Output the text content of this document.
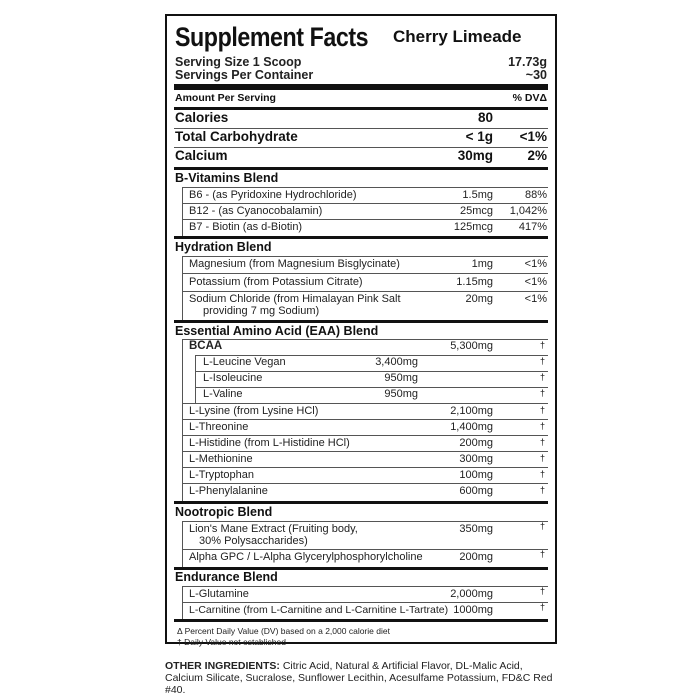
Supplement Facts Cherry Limeade
Serving Size 1 Scoop	17.73g
Servings Per Container	~30
Amount Per Serving	% DVΔ
Calories	80
Total Carbohydrate	< 1g <1%
Calcium	30mg	2%
B-Vitamins Blend
B6 - (as Pyridoxine Hydrochloride)	1.5mg	88%
B12 - (as Cyanocobalamin)	25mcg 1,042%
B7 - Biotin (as d-Biotin)	125mcg 417%
Hydration Blend
Magnesium (from Magnesium Bisglycinate)	1mg	<1%
Potassium (from Potassium Citrate)	1.15mg	<1%
Sodium Chloride (from Himalayan Pink Salt
providing 7 mg Sodium)
20mg	<1%
Essential Amino Acid (EAA) Blend
BCAA	5,300mg	†
L-Leucine Vegan	3,400mg	†
L-Isoleucine	950mg	†
L-Valine	950mg	†
L-Lysine (from Lysine HCl)	2,100mg	†
L-Threonine	1,400mg	†
L-Histidine (from L-Histidine HCl)	200mg	†
L-Methionine	300mg	†
L-Tryptophan	100mg	†
L-Phenylalanine	600mg	†
Nootropic Blend
Lion's Mane Extract (Fruiting body,
30% Polysaccharides)
350mg	†
Alpha GPC / L-Alpha Glycerylphosphorylcholine	200mg	†
Endurance Blend
L-Glutamine	2,000mg	†
L-Carnitine (from L-Carnitine and L-Carnitine L-Tartrate) 1000mg	†
Δ Percent Daily Value (DV) based on a 2,000 calorie diet
† Daily Value not established
OTHER INGREDIENTS: Citric Acid, Natural & Artificial Flavor, DL-Malic Acid, Calcium Silicate, Sucralose, Sunflower Lecithin, Acesulfame Potassium, FD&C Red #40.
